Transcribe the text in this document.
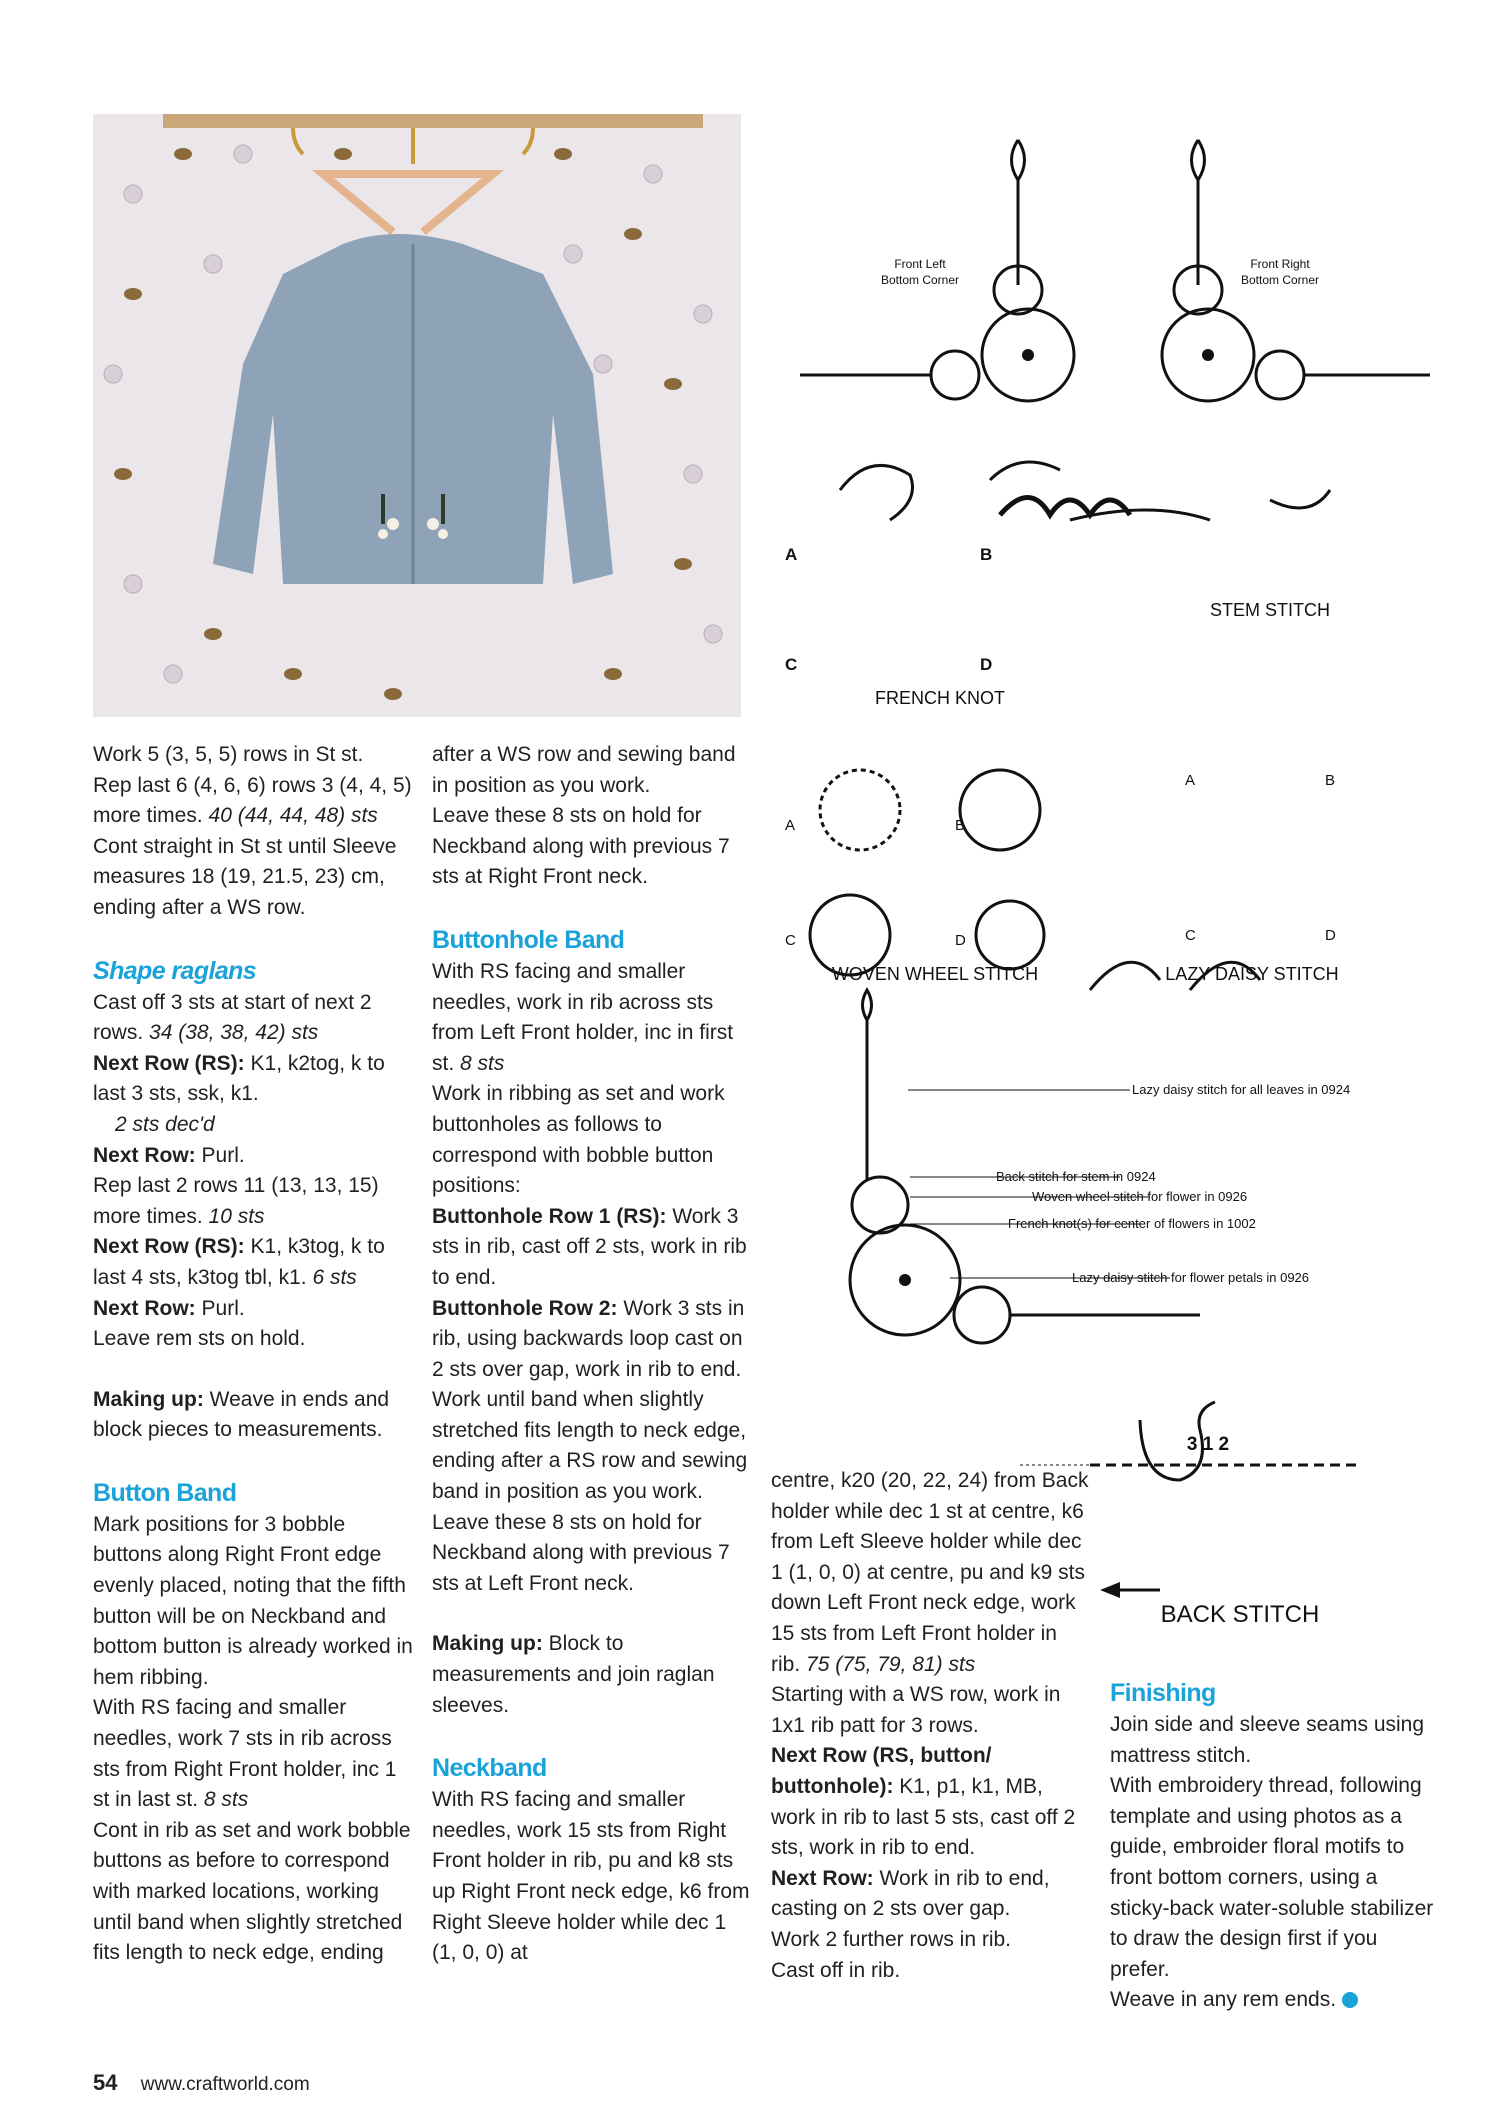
Work 5 (3, 5, 5) rows in St st.

Rep last 6 (4, 6, 6) rows 3 (4, 4, 5) more times. 40 (44, 44, 48) sts

Cont straight in St st until Sleeve measures 18 (19, 21.5, 23) cm, ending after a WS row.

Shape raglans

Cast off 3 sts at start of next 2 rows. 34 (38, 38, 42) sts

Next Row (RS): K1, k2tog, k to last 3 sts, ssk, k1.

2 sts dec'd

Next Row: Purl.

Rep last 2 rows 11 (13, 13, 15) more times. 10 sts

Next Row (RS): K1, k3tog, k to last 4 sts, k3tog tbl, k1. 6 sts

Next Row: Purl.

Leave rem sts on hold.

Making up: Weave in ends and block pieces to measurements.

Button Band

Mark positions for 3 bobble buttons along Right Front edge evenly placed, noting that the fifth button will be on Neckband and bottom button is already worked in hem ribbing.

With RS facing and smaller needles, work 7 sts in rib across sts from Right Front holder, inc 1 st in last st. 8 sts

Cont in rib as set and work bobble buttons as before to correspond with marked locations, working until band when slightly stretched fits length to neck edge, ending

after a WS row and sewing band in position as you work.

Leave these 8 sts on hold for Neckband along with previous 7 sts at Right Front neck.

Buttonhole Band

With RS facing and smaller needles, work in rib across sts from Left Front holder, inc in first st. 8 sts

Work in ribbing as set and work buttonholes as follows to correspond with bobble button positions:

Buttonhole Row 1 (RS): Work 3 sts in rib, cast off 2 sts, work in rib to end.

Buttonhole Row 2: Work 3 sts in rib, using backwards loop cast on 2 sts over gap, work in rib to end.

Work until band when slightly stretched fits length to neck edge, ending after a RS row and sewing band in position as you work.

Leave these 8 sts on hold for Neckband along with previous 7 sts at Left Front neck.

Making up: Block to measurements and join raglan sleeves.

Neckband

With RS facing and smaller needles, work 15 sts from Right Front holder in rib, pu and k8 sts up Right Front neck edge, k6 from Right Sleeve holder while dec 1 (1, 0, 0) at

centre, k20 (20, 22, 24) from Back holder while dec 1 st at centre, k6 from Left Sleeve holder while dec 1 (1, 0, 0) at centre, pu and k9 sts down Left Front neck edge, work 15 sts from Left Front holder in rib. 75 (75, 79, 81) sts

Starting with a WS row, work in 1x1 rib patt for 3 rows.

Next Row (RS, button/ buttonhole): K1, p1, k1, MB, work in rib to last 5 sts, cast off 2 sts, work in rib to end.

Next Row: Work in rib to end, casting on 2 sts over gap.

Work 2 further rows in rib.

Cast off in rib.

Finishing

Join side and sleeve seams using mattress stitch.

With embroidery thread, following template and using photos as a guide, embroider floral motifs to front bottom corners, using a sticky-back water-soluble stabilizer to draw the design first if you prefer.

Weave in any rem ends.

Front Left
Bottom Corner
Front Right
Bottom Corner
A	B
C	D
STEM STITCH
FRENCH KNOT
A	B
C	D
A	B
C	D
WOVEN WHEEL STITCH	LAZY DAISY STITCH
Lazy daisy stitch for all leaves in 0924
Back stitch for stem in 0924
Woven wheel stitch for flower in 0926
French knot(s) for center of flowers in 1002
Lazy daisy stitch for flower petals in 0926
3 1 2
BACK STITCH
54 www.craftworld.com
